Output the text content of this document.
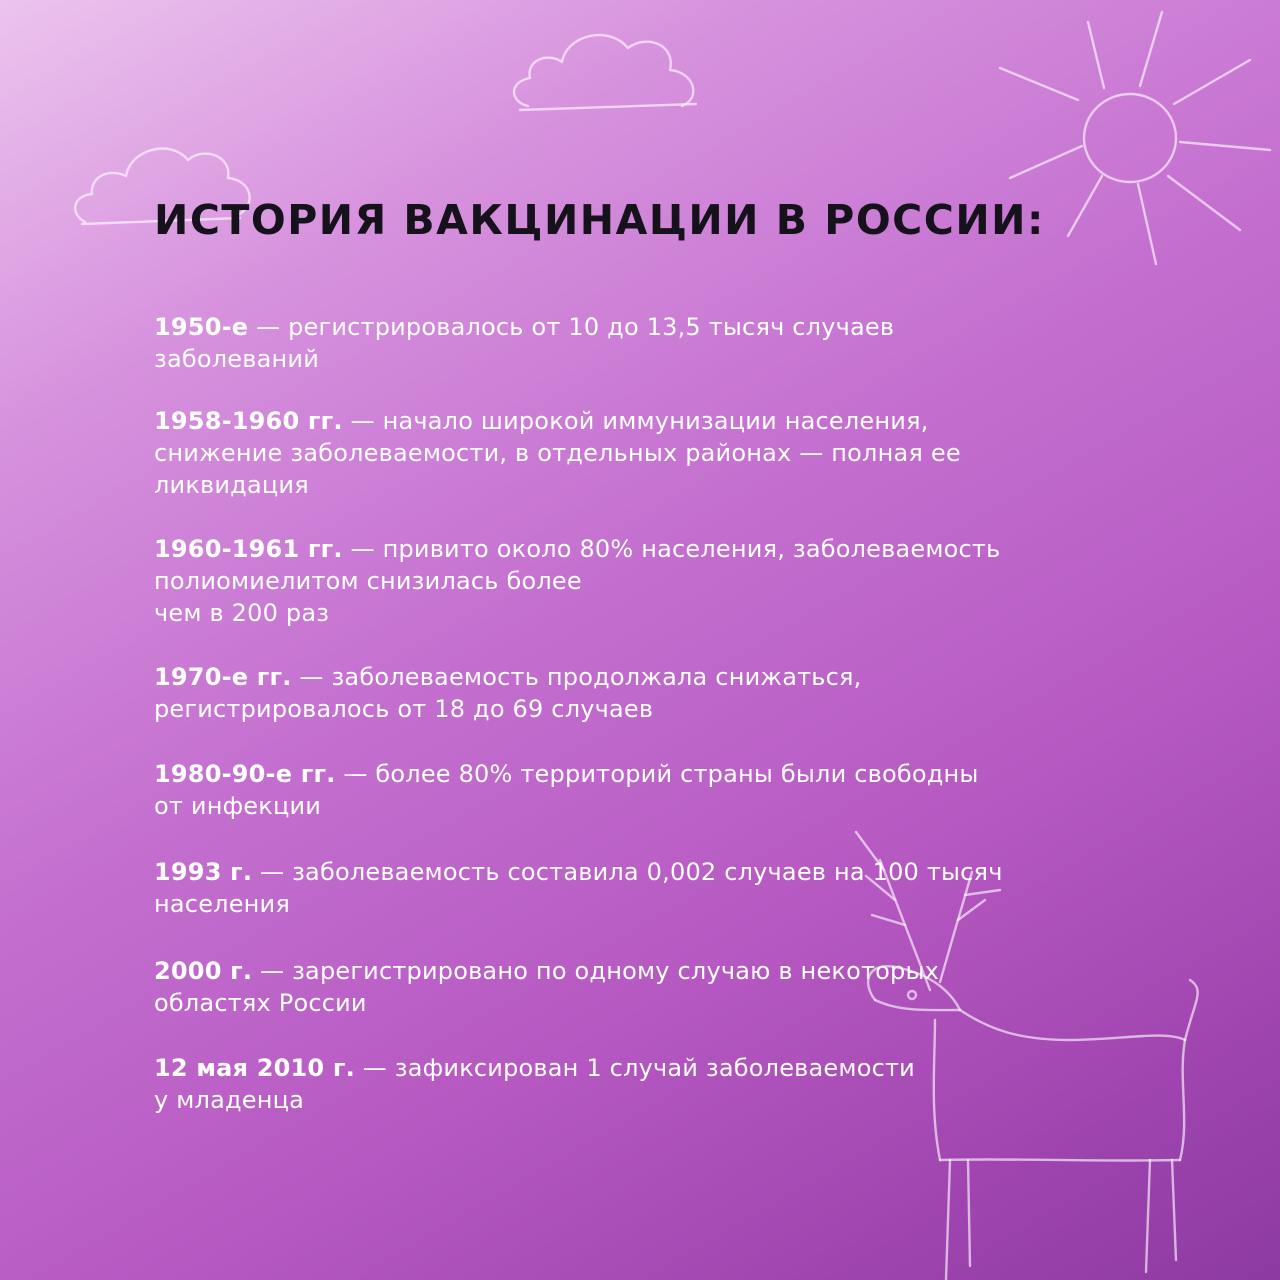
ИСТОРИЯ ВАКЦИНАЦИИ В РОССИИ:

1950-е — регистрировалось от 10 до 13,5 тысяч случаев
заболеваний

1958-1960 гг. — начало широкой иммунизации населения,
снижение заболеваемости, в отдельных районах — полная ее
ликвидация

1960-1961 гг. — привито около 80% населения, заболеваемость
полиомиелитом снизилась более
чем в 200 раз

1970-е гг. — заболеваемость продолжала снижаться,
регистрировалось от 18 до 69 случаев

1980-90-е гг. — более 80% территорий страны были свободны
от инфекции

1993 г. — заболеваемость составила 0,002 случаев на 100 тысяч
населения

2000 г. — зарегистрировано по одному случаю в некоторых
областях России

12 мая 2010 г. — зафиксирован 1 случай заболеваемости
у младенца
